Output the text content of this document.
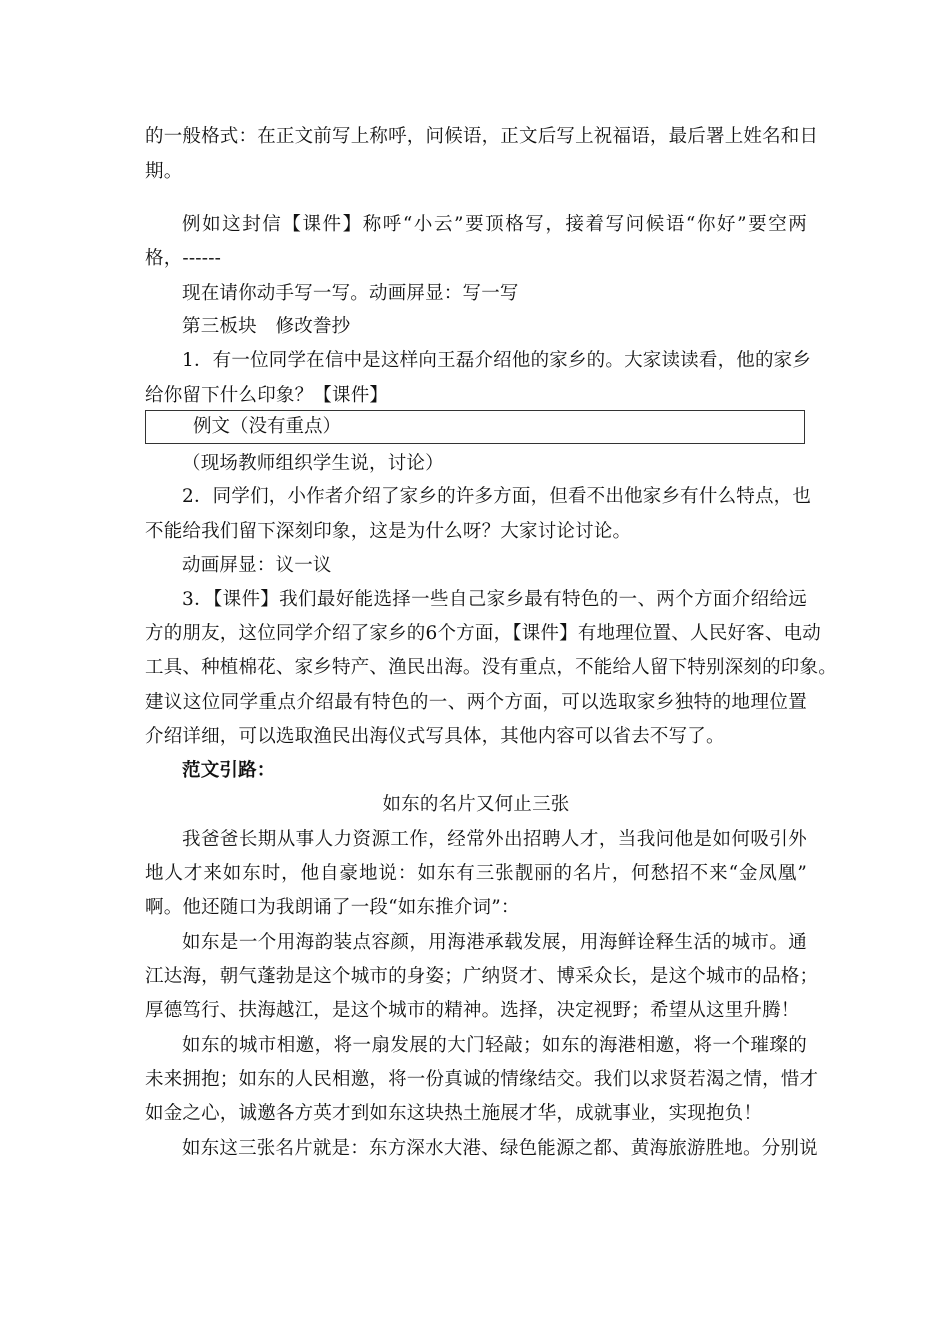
的一般格式：在正文前写上称呼，问候语，正文后写上祝福语，最后署上姓名和日
期。
例如这封信【课件】称呼“小云”要顶格写，接着写问候语“你好”要空两
格，------
现在请你动手写一写。动画屏显：写一写
第三板块　修改誊抄
1．有一位同学在信中是这样向王磊介绍他的家乡的。大家读读看，他的家乡
给你留下什么印象？【课件】
例文（没有重点）
（现场教师组织学生说，讨论）
2．同学们，小作者介绍了家乡的许多方面，但看不出他家乡有什么特点，也
不能给我们留下深刻印象，这是为什么呀？大家讨论讨论。
动画屏显：议一议
3．【课件】我们最好能选择一些自己家乡最有特色的一、两个方面介绍给远
方的朋友，这位同学介绍了家乡的6个方面，【课件】有地理位置、人民好客、电动
工具、种植棉花、家乡特产、渔民出海。没有重点，不能给人留下特别深刻的印象。
建议这位同学重点介绍最有特色的一、两个方面，可以选取家乡独特的地理位置
介绍详细，可以选取渔民出海仪式写具体，其他内容可以省去不写了。
范文引路：
如东的名片又何止三张
我爸爸长期从事人力资源工作，经常外出招聘人才，当我问他是如何吸引外
地人才来如东时，他自豪地说：如东有三张靓丽的名片，何愁招不来“金凤凰”
啊。他还随口为我朗诵了一段“如东推介词”：
如东是一个用海韵装点容颜，用海港承载发展，用海鲜诠释生活的城市。通
江达海，朝气蓬勃是这个城市的身姿；广纳贤才、博采众长，是这个城市的品格；
厚德笃行、扶海越江，是这个城市的精神。选择，决定视野；希望从这里升腾！
如东的城市相邀，将一扇发展的大门轻敲；如东的海港相邀，将一个璀璨的
未来拥抱；如东的人民相邀，将一份真诚的情缘结交。我们以求贤若渴之情，惜才
如金之心，诚邀各方英才到如东这块热土施展才华，成就事业，实现抱负！
如东这三张名片就是：东方深水大港、绿色能源之都、黄海旅游胜地。分别说
